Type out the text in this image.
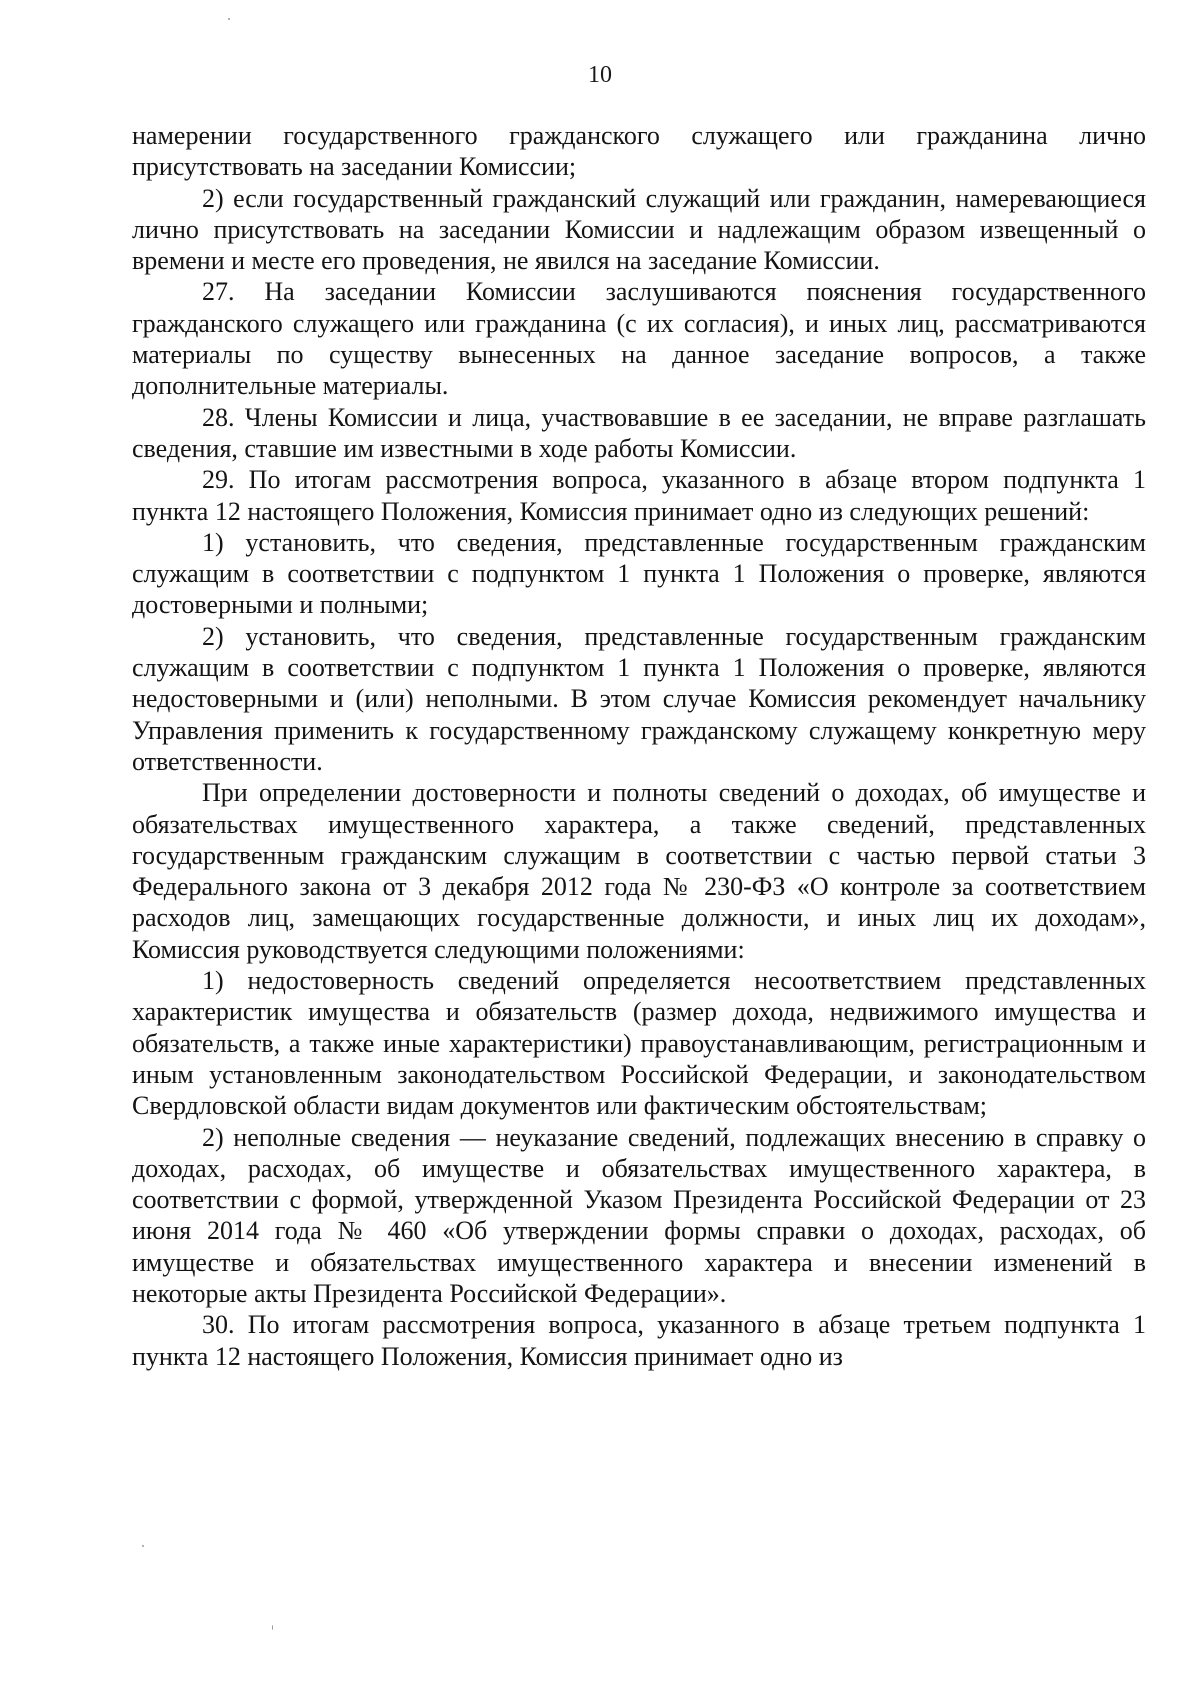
10

намерении государственного гражданского служащего или гражданина лично присутствовать на заседании Комиссии;

2) если государственный гражданский служащий или гражданин, намеревающиеся лично присутствовать на заседании Комиссии и надлежащим образом извещенный о времени и месте его проведения, не явился на заседание Комиссии.

27. На заседании Комиссии заслушиваются пояснения государственного гражданского служащего или гражданина (с их согласия), и иных лиц, рассматриваются материалы по существу вынесенных на данное заседание вопросов, а также дополнительные материалы.

28. Члены Комиссии и лица, участвовавшие в ее заседании, не вправе разглашать сведения, ставшие им известными в ходе работы Комиссии.

29. По итогам рассмотрения вопроса, указанного в абзаце втором подпункта 1 пункта 12 настоящего Положения, Комиссия принимает одно из следующих решений:

1) установить, что сведения, представленные государственным гражданским служащим в соответствии с подпунктом 1 пункта 1 Положения о проверке, являются достоверными и полными;

2) установить, что сведения, представленные государственным гражданским служащим в соответствии с подпунктом 1 пункта 1 Положения о проверке, являются недостоверными и (или) неполными. В этом случае Комиссия рекомендует начальнику Управления применить к государственному гражданскому служащему конкретную меру ответственности.

При определении достоверности и полноты сведений о доходах, об имуществе и обязательствах имущественного характера, а также сведений, представленных государственным гражданским служащим в соответствии с частью первой статьи 3 Федерального закона от 3 декабря 2012 года № 230-ФЗ «О контроле за соответствием расходов лиц, замещающих государственные должности, и иных лиц их доходам», Комиссия руководствуется следующими положениями:

1) недостоверность сведений определяется несоответствием представленных характеристик имущества и обязательств (размер дохода, недвижимого имущества и обязательств, а также иные характеристики) правоустанавливающим, регистрационным и иным установленным законодательством Российской Федерации, и законодательством Свердловской области видам документов или фактическим обстоятельствам;

2) неполные сведения — неуказание сведений, подлежащих внесению в справку о доходах, расходах, об имуществе и обязательствах имущественного характера, в соответствии с формой, утвержденной Указом Президента Российской Федерации от 23 июня 2014 года № 460 «Об утверждении формы справки о доходах, расходах, об имуществе и обязательствах имущественного характера и внесении изменений в некоторые акты Президента Российской Федерации».

30. По итогам рассмотрения вопроса, указанного в абзаце третьем подпункта 1 пункта 12 настоящего Положения, Комиссия принимает одно из
